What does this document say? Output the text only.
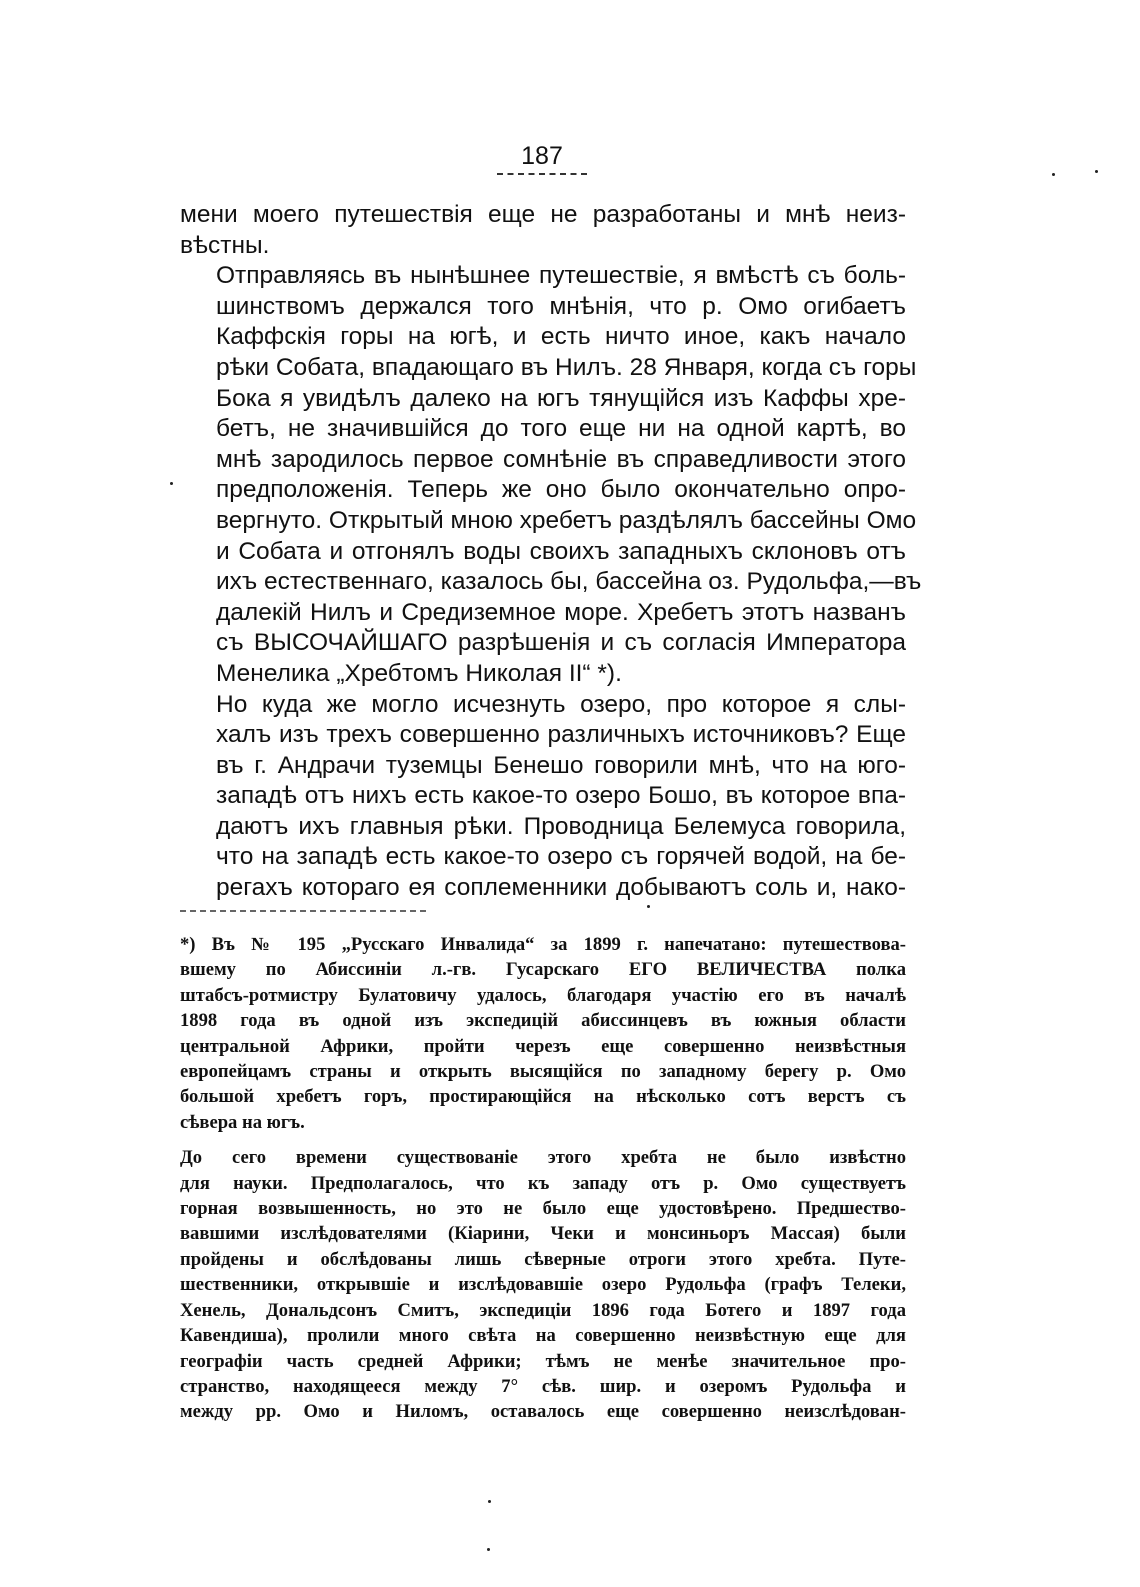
187

мени моего путешествія еще не разработаны и мнѣ неиз-
вѣстны.

Отправляясь въ нынѣшнее путешествіе, я вмѣстѣ съ боль-
шинствомъ держался того мнѣнія, что р. Омо огибаетъ
Каффскія горы на югѣ, и есть ничто иное, какъ начало
рѣки Собата, впадающаго въ Нилъ. 28 Января, когда съ горы
Бока я увидѣлъ далеко на югъ тянущійся изъ Каффы хре-
бетъ, не значившійся до того еще ни на одной картѣ, во
мнѣ зародилось первое сомнѣніе въ справедливости этого
предположенія. Теперь же оно было окончательно опро-
вергнуто. Открытый мною хребетъ раздѣлялъ бассейны Омо
и Собата и отгонялъ воды своихъ западныхъ склоновъ отъ
ихъ естественнаго, казалось бы, бассейна оз. Рудольфа,—въ
далекій Нилъ и Средиземное море. Хребетъ этотъ названъ
съ ВЫСОЧАЙШАГО разрѣшенія и съ согласія Императора
Менелика „Хребтомъ Николая II“ *).

Но куда же могло исчезнуть озеро, про которое я слы-
халъ изъ трехъ совершенно различныхъ источниковъ? Еще
въ г. Андрачи туземцы Бенешо говорили мнѣ, что на юго-
западѣ отъ нихъ есть какое-то озеро Бошо, въ которое впа-
даютъ ихъ главныя рѣки. Проводница Белемуса говорила,
что на западѣ есть какое-то озеро съ горячей водой, на бе-
регахъ котораго ея соплеменники добываютъ соль и, нако-

*) Въ № 195 „Русскаго Инвалида“ за 1899 г. напечатано: путешествова-
вшему по Абиссиніи л.-гв. Гусарскаго ЕГО ВЕЛИЧЕСТВА полка
штабсъ-ротмистру Булатовичу удалось, благодаря участію его въ началѣ
1898 года въ одной изъ экспедицій абиссинцевъ въ южныя области
центральной Африки, пройти черезъ еще совершенно неизвѣстныя
европейцамъ страны и открыть высящійся по западному берегу р. Омо
большой хребетъ горъ, простирающійся на нѣсколько сотъ верстъ съ
сѣвера на югъ.

До сего времени существованіе этого хребта не было извѣстно
для науки. Предполагалось, что къ западу отъ р. Омо существуетъ
горная возвышенность, но это не было еще удостовѣрено. Предшество-
вавшими изслѣдователями (Кіарини, Чеки и монсиньоръ Массая) были
пройдены и обслѣдованы лишь сѣверные отроги этого хребта. Путе-
шественники, открывшіе и изслѣдовавшіе озеро Рудольфа (графъ Телеки,
Хенель, Дональдсонъ Смитъ, экспедиціи 1896 года Ботего и 1897 года
Кавендиша), пролили много свѣта на совершенно неизвѣстную еще для
географіи часть средней Африки; тѣмъ не менѣе значительное про-
странство, находящееся между 7° сѣв. шир. и озеромъ Рудольфа и
между рр. Омо и Ниломъ, оставалось еще совершенно неизслѣдован-
